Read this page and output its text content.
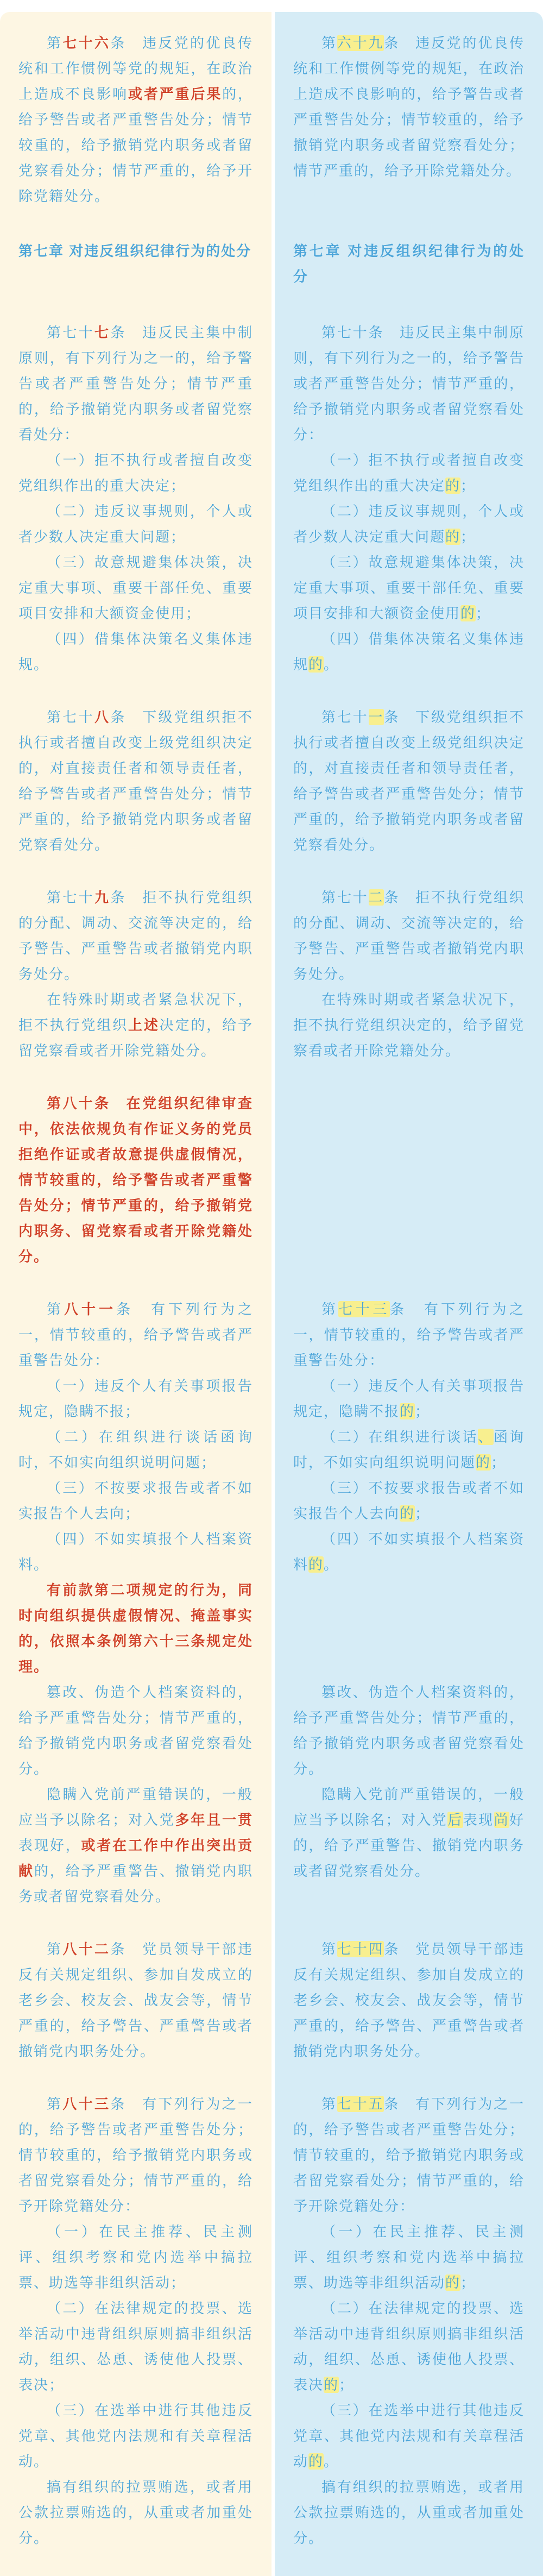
第七十六条　违反党的优良传统和工作惯例等党的规矩，在政治上造成不良影响或者严重后果的，给予警告或者严重警告处分；情节较重的，给予撤销党内职务或者留党察看处分；情节严重的，给予开除党籍处分。

第六十九条　违反党的优良传统和工作惯例等党的规矩，在政治上造成不良影响的，给予警告或者严重警告处分；情节较重的，给予撤销党内职务或者留党察看处分；情节严重的，给予开除党籍处分。

第七章 对违反组织纪律行为的处分	第七章 对违反组织纪律行为的处分

第七十七条　违反民主集中制原则，有下列行为之一的，给予警告或者严重警告处分；情节严重的，给予撤销党内职务或者留党察看处分：

（一）拒不执行或者擅自改变党组织作出的重大决定；

（二）违反议事规则，个人或者少数人决定重大问题；

（三）故意规避集体决策，决定重大事项、重要干部任免、重要项目安排和大额资金使用；

（四）借集体决策名义集体违规。

第七十条　违反民主集中制原则，有下列行为之一的，给予警告或者严重警告处分；情节严重的，给予撤销党内职务或者留党察看处分：

（一）拒不执行或者擅自改变党组织作出的重大决定的；

（二）违反议事规则，个人或者少数人决定重大问题的；

（三）故意规避集体决策，决定重大事项、重要干部任免、重要项目安排和大额资金使用的；

（四）借集体决策名义集体违规的。

第七十八条　下级党组织拒不执行或者擅自改变上级党组织决定的，对直接责任者和领导责任者，给予警告或者严重警告处分；情节严重的，给予撤销党内职务或者留党察看处分。

第七十一条　下级党组织拒不执行或者擅自改变上级党组织决定的，对直接责任者和领导责任者，给予警告或者严重警告处分；情节严重的，给予撤销党内职务或者留党察看处分。

第七十九条　拒不执行党组织的分配、调动、交流等决定的，给予警告、严重警告或者撤销党内职务处分。

在特殊时期或者紧急状况下，拒不执行党组织上述决定的，给予留党察看或者开除党籍处分。

第七十二条　拒不执行党组织的分配、调动、交流等决定的，给予警告、严重警告或者撤销党内职务处分。

在特殊时期或者紧急状况下，拒不执行党组织决定的，给予留党察看或者开除党籍处分。

第八十条　在党组织纪律审查中，依法依规负有作证义务的党员拒绝作证或者故意提供虚假情况，情节较重的，给予警告或者严重警告处分；情节严重的，给予撤销党内职务、留党察看或者开除党籍处分。

第八十一条　有下列行为之一，情节较重的，给予警告或者严重警告处分：

（一）违反个人有关事项报告规定，隐瞒不报；

（二）在组织进行谈话函询时，不如实向组织说明问题；

（三）不按要求报告或者不如实报告个人去向；

（四）不如实填报个人档案资料。

第七十三条　有下列行为之一，情节较重的，给予警告或者严重警告处分：

（一）违反个人有关事项报告规定，隐瞒不报的；

（二）在组织进行谈话、函询时，不如实向组织说明问题的；

（三）不按要求报告或者不如实报告个人去向的；

（四）不如实填报个人档案资料的。

有前款第二项规定的行为，同时向组织提供虚假情况、掩盖事实的，依照本条例第六十三条规定处理。

篡改、伪造个人档案资料的，给予严重警告处分；情节严重的，给予撤销党内职务或者留党察看处分。

篡改、伪造个人档案资料的，给予严重警告处分；情节严重的，给予撤销党内职务或者留党察看处分。

隐瞒入党前严重错误的，一般应当予以除名；对入党多年且一贯表现好，或者在工作中作出突出贡献的，给予严重警告、撤销党内职务或者留党察看处分。

隐瞒入党前严重错误的，一般应当予以除名；对入党后表现尚好的，给予严重警告、撤销党内职务或者留党察看处分。

第八十二条　党员领导干部违反有关规定组织、参加自发成立的老乡会、校友会、战友会等，情节严重的，给予警告、严重警告或者撤销党内职务处分。

第七十四条　党员领导干部违反有关规定组织、参加自发成立的老乡会、校友会、战友会等，情节严重的，给予警告、严重警告或者撤销党内职务处分。

第八十三条　有下列行为之一的，给予警告或者严重警告处分；情节较重的，给予撤销党内职务或者留党察看处分；情节严重的，给予开除党籍处分：

（一）在民主推荐、民主测评、组织考察和党内选举中搞拉票、助选等非组织活动；

（二）在法律规定的投票、选举活动中违背组织原则搞非组织活动，组织、怂恿、诱使他人投票、表决；

（三）在选举中进行其他违反党章、其他党内法规和有关章程活动。

搞有组织的拉票贿选，或者用公款拉票贿选的，从重或者加重处分。

第七十五条　有下列行为之一的，给予警告或者严重警告处分；情节较重的，给予撤销党内职务或者留党察看处分；情节严重的，给予开除党籍处分：

（一）在民主推荐、民主测评、组织考察和党内选举中搞拉票、助选等非组织活动的；

（二）在法律规定的投票、选举活动中违背组织原则搞非组织活动，组织、怂恿、诱使他人投票、表决的；

（三）在选举中进行其他违反党章、其他党内法规和有关章程活动的。

搞有组织的拉票贿选，或者用公款拉票贿选的，从重或者加重处分。
